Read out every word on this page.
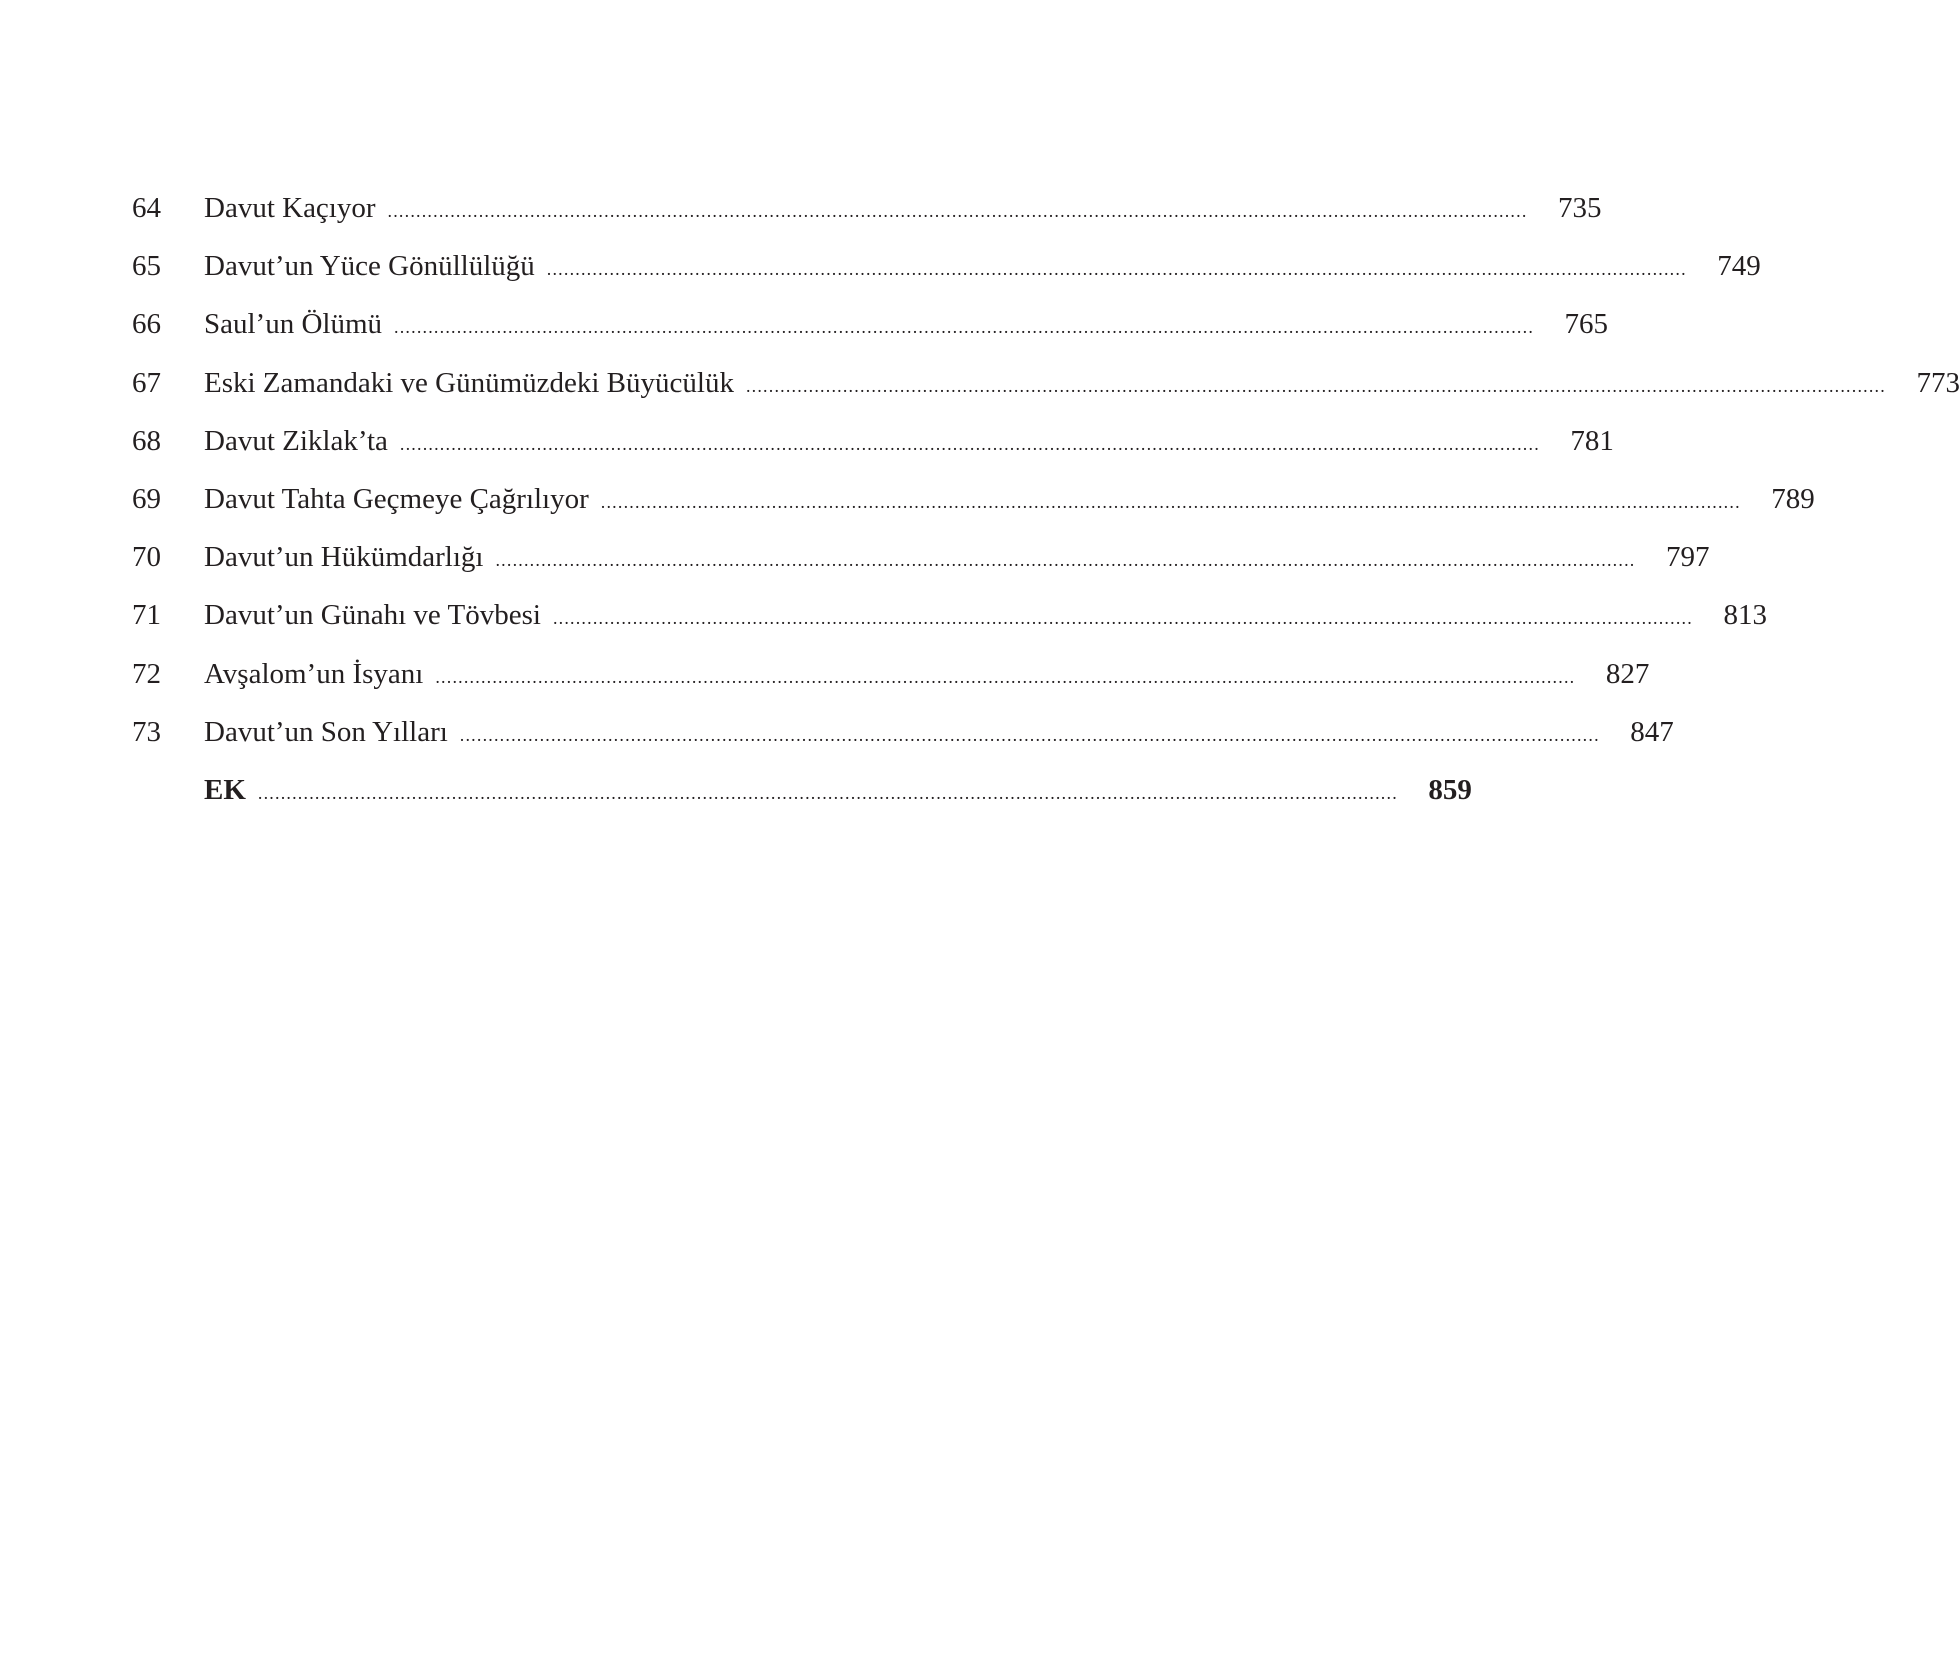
64	Davut Kaçıyor ........................................................................................................................................................................................................	735
65	Davut’un Yüce Gönüllülüğü ........................................................................................................................................................................................................	749
66	Saul’un Ölümü ........................................................................................................................................................................................................	765
67	Eski Zamandaki ve Günümüzdeki Büyücülük ........................................................................................................................................................................................................	773
68	Davut Ziklak’ta ........................................................................................................................................................................................................	781
69	Davut Tahta Geçmeye Çağrılıyor ........................................................................................................................................................................................................	789
70	Davut’un Hükümdarlığı ........................................................................................................................................................................................................	797
71	Davut’un Günahı ve Tövbesi ........................................................................................................................................................................................................	813
72	Avşalom’un İsyanı ........................................................................................................................................................................................................	827
73	Davut’un Son Yılları ........................................................................................................................................................................................................	847
EK ........................................................................................................................................................................................................	859
